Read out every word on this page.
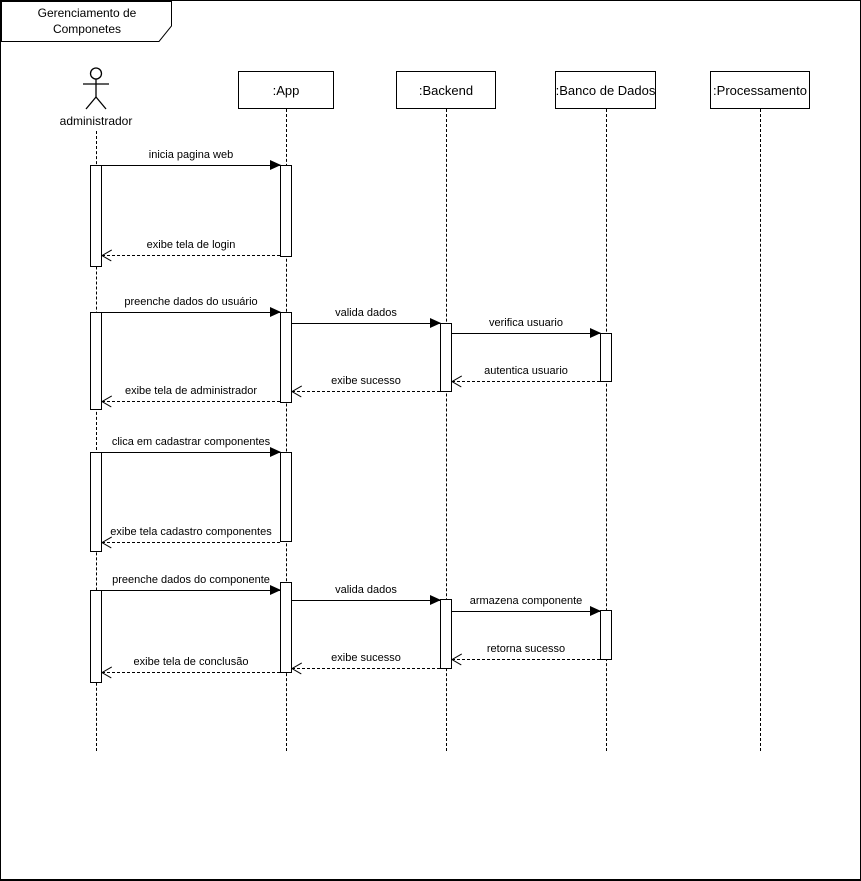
Gerenciamento de Componetes
administrador
:App	:Backend	:Banco de Dados	:Processamento
inicia pagina web
exibe tela de login
preenche dados do usuário
valida dados
verifica usuario
autentica usuario
exibe sucesso
exibe tela de administrador
clica em cadastrar componentes
exibe tela cadastro componentes
preenche dados do componente
valida dados
armazena componente
retorna sucesso
exibe sucesso
exibe tela de conclusão
